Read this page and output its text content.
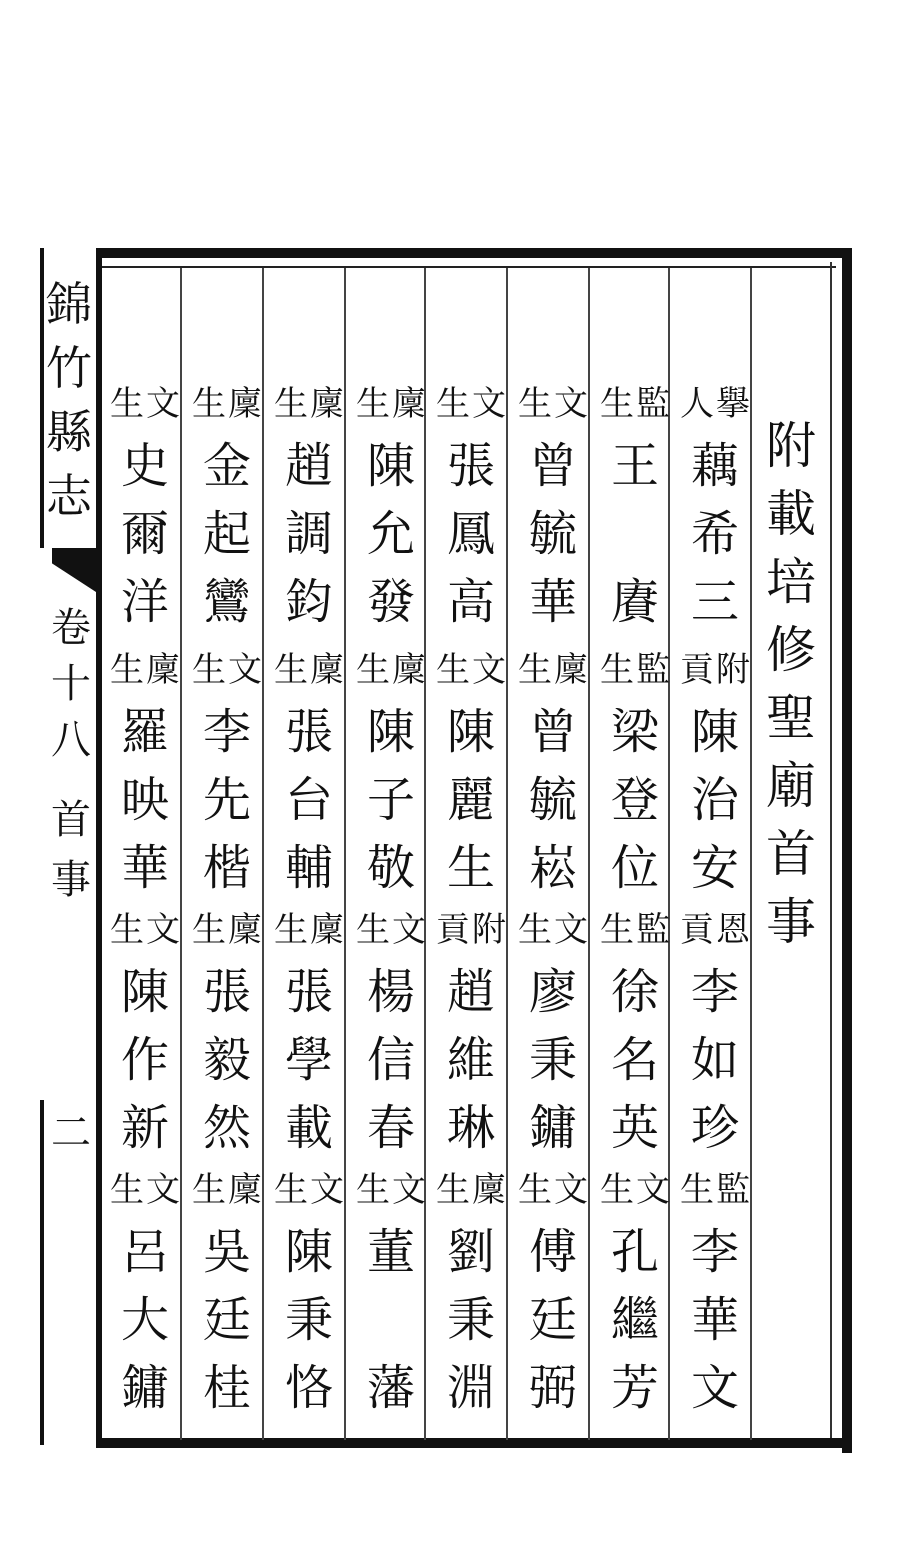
錦
竹
縣
志
卷
十
八
首
事
二
附
載
培
修
聖
廟
首
事
人 擧
藕
希
三
貢 附
陳
治
安
貢 恩
李
如
珍
生 監
李
華
文
生 監
王

賡
生 監
梁
登
位
生 監
徐
名
英
生 文
孔
繼
芳
生 文
曾
毓
華
生 廩
曾
毓
崧
生 文
廖
秉
鏞
生 文
傅
廷
弼
生 文
張
鳳
高
生 文
陳
麗
生
貢 附
趙
維
琳
生 廩
劉
秉
淵
生 廩
陳
允
發
生 廩
陳
子
敬
生 文
楊
信
春
生 文
董

藩
生 廩
趙
調
鈞
生 廩
張
台
輔
生 廩
張
學
載
生 文
陳
秉
恪
生 廩
金
起
鸞
生 文
李
先
楷
生 廩
張
毅
然
生 廩
吳
廷
桂
生 文
史
爾
洋
生 廩
羅
映
華
生 文
陳
作
新
生 文
呂
大
鏞
